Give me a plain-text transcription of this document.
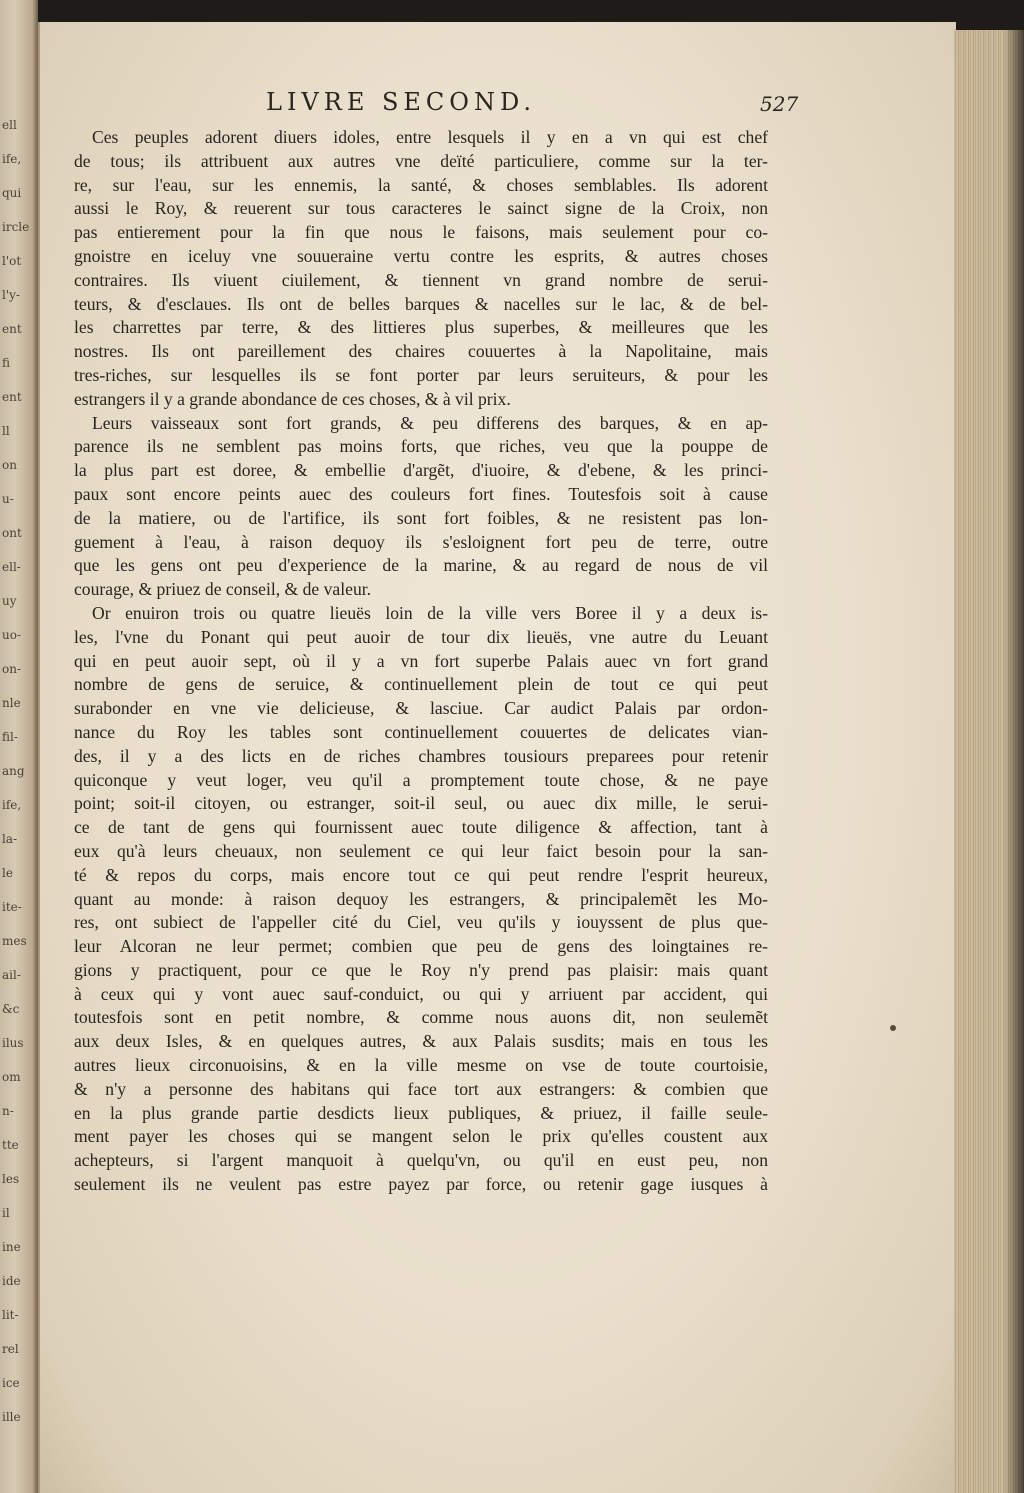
ell
ife,
qui
ircle
l'ot
l'y-
ent
fi
ent
ll
on
u-
ont
ell-
uy
uo-
on-
nle
fil-
ang
ife,
la-
le
ite-
mes
ail-
&c
ilus
om
n-
tte
les
il
ine
ide
lit-
rel
ice
ille
LIVRE SECOND.	527
Ces peuples adorent diuers idoles, entre lesquels il y en a vn qui est chef
de tous; ils attribuent aux autres vne deïté particuliere, comme sur la ter-
re, sur l'eau, sur les ennemis, la santé, & choses semblables. Ils adorent
aussi le Roy, & reuerent sur tous caracteres le sainct signe de la Croix, non
pas entierement pour la fin que nous le faisons, mais seulement pour co-
gnoistre en iceluy vne souueraine vertu contre les esprits, & autres choses
contraires. Ils viuent ciuilement, & tiennent vn grand nombre de serui-
teurs, & d'esclaues. Ils ont de belles barques & nacelles sur le lac, & de bel-
les charrettes par terre, & des littieres plus superbes, & meilleures que les
nostres. Ils ont pareillement des chaires couuertes à la Napolitaine, mais
tres-riches, sur lesquelles ils se font porter par leurs seruiteurs, & pour les
estrangers il y a grande abondance de ces choses, & à vil prix.
Leurs vaisseaux sont fort grands, & peu differens des barques, & en ap-
parence ils ne semblent pas moins forts, que riches, veu que la pouppe de
la plus part est doree, & embellie d'argẽt, d'iuoire, & d'ebene, & les princi-
paux sont encore peints auec des couleurs fort fines. Toutesfois soit à cause
de la matiere, ou de l'artifice, ils sont fort foibles, & ne resistent pas lon-
guement à l'eau, à raison dequoy ils s'esloignent fort peu de terre, outre
que les gens ont peu d'experience de la marine, & au regard de nous de vil
courage, & priuez de conseil, & de valeur.
Or enuiron trois ou quatre lieuës loin de la ville vers Boree il y a deux is-
les, l'vne du Ponant qui peut auoir de tour dix lieuës, vne autre du Leuant
qui en peut auoir sept, où il y a vn fort superbe Palais auec vn fort grand
nombre de gens de seruice, & continuellement plein de tout ce qui peut
surabonder en vne vie delicieuse, & lasciue. Car audict Palais par ordon-
nance du Roy les tables sont continuellement couuertes de delicates vian-
des, il y a des licts en de riches chambres tousiours preparees pour retenir
quiconque y veut loger, veu qu'il a promptement toute chose, & ne paye
point; soit-il citoyen, ou estranger, soit-il seul, ou auec dix mille, le serui-
ce de tant de gens qui fournissent auec toute diligence & affection, tant à
eux qu'à leurs cheuaux, non seulement ce qui leur faict besoin pour la san-
té & repos du corps, mais encore tout ce qui peut rendre l'esprit heureux,
quant au monde: à raison dequoy les estrangers, & principalemẽt les Mo-
res, ont subiect de l'appeller cité du Ciel, veu qu'ils y iouyssent de plus que-
leur Alcoran ne leur permet; combien que peu de gens des loingtaines re-
gions y practiquent, pour ce que le Roy n'y prend pas plaisir: mais quant
à ceux qui y vont auec sauf-conduict, ou qui y arriuent par accident, qui
toutesfois sont en petit nombre, & comme nous auons dit, non seulemẽt
aux deux Isles, & en quelques autres, & aux Palais susdits; mais en tous les
autres lieux circonuoisins, & en la ville mesme on vse de toute courtoisie,
& n'y a personne des habitans qui face tort aux estrangers: & combien que
en la plus grande partie desdicts lieux publiques, & priuez, il faille seule-
ment payer les choses qui se mangent selon le prix qu'elles coustent aux
achepteurs, si l'argent manquoit à quelqu'vn, ou qu'il en eust peu, non
seulement ils ne veulent pas estre payez par force, ou retenir gage iusques à
